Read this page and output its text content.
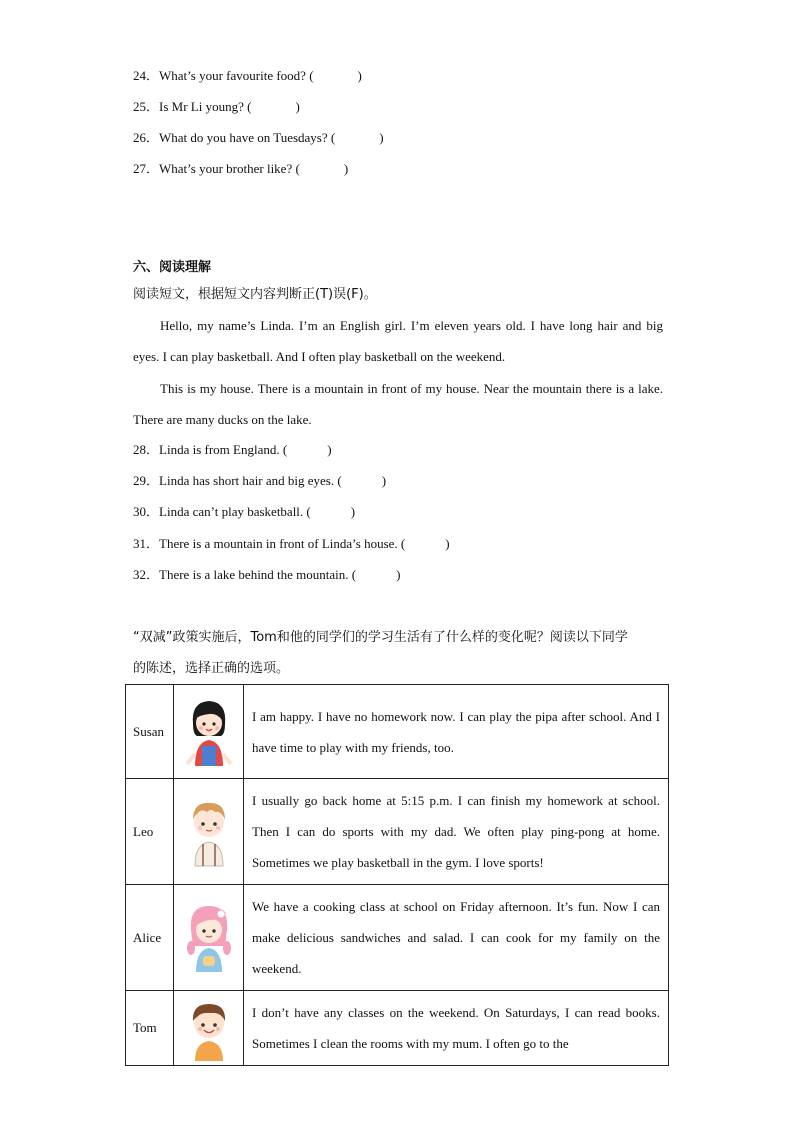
24．What’s your favourite food? (	)
25．Is Mr Li young? (	)
26．What do you have on Tuesdays? (	)
27．What’s your brother like? (	)
六、阅读理解
阅读短文，根据短文内容判断正(T)误(F)。
Hello, my name’s Linda. I’m an English girl. I’m eleven years old. I have long hair and big eyes. I can play basketball. And I often play basketball on the weekend.
This is my house. There is a mountain in front of my house. Near the mountain there is a lake. There are many ducks on the lake.
28．Linda is from England. (	)
29．Linda has short hair and big eyes. (	)
30．Linda can’t play basketball. (	)
31．There is a mountain in front of Linda’s house. (	)
32．There is a lake behind the mountain. (	)
“双减”政策实施后，Tom和他的同学们的学习生活有了什么样的变化呢？阅读以下同学
的陈述，选择正确的选项。
Susan		I am happy. I have no homework now. I can play the pipa after school. And I have time to play with my friends, too.
Leo		I usually go back home at 5:15 p.m. I can finish my homework at school. Then I can do sports with my dad. We often play ping-pong at home. Sometimes we play basketball in the gym. I love sports!
Alice		We have a cooking class at school on Friday afternoon. It’s fun. Now I can make delicious sandwiches and salad. I can cook for my family on the weekend.
Tom		I don’t have any classes on the weekend. On Saturdays, I can read books. Sometimes I clean the rooms with my mum. I often go to the
